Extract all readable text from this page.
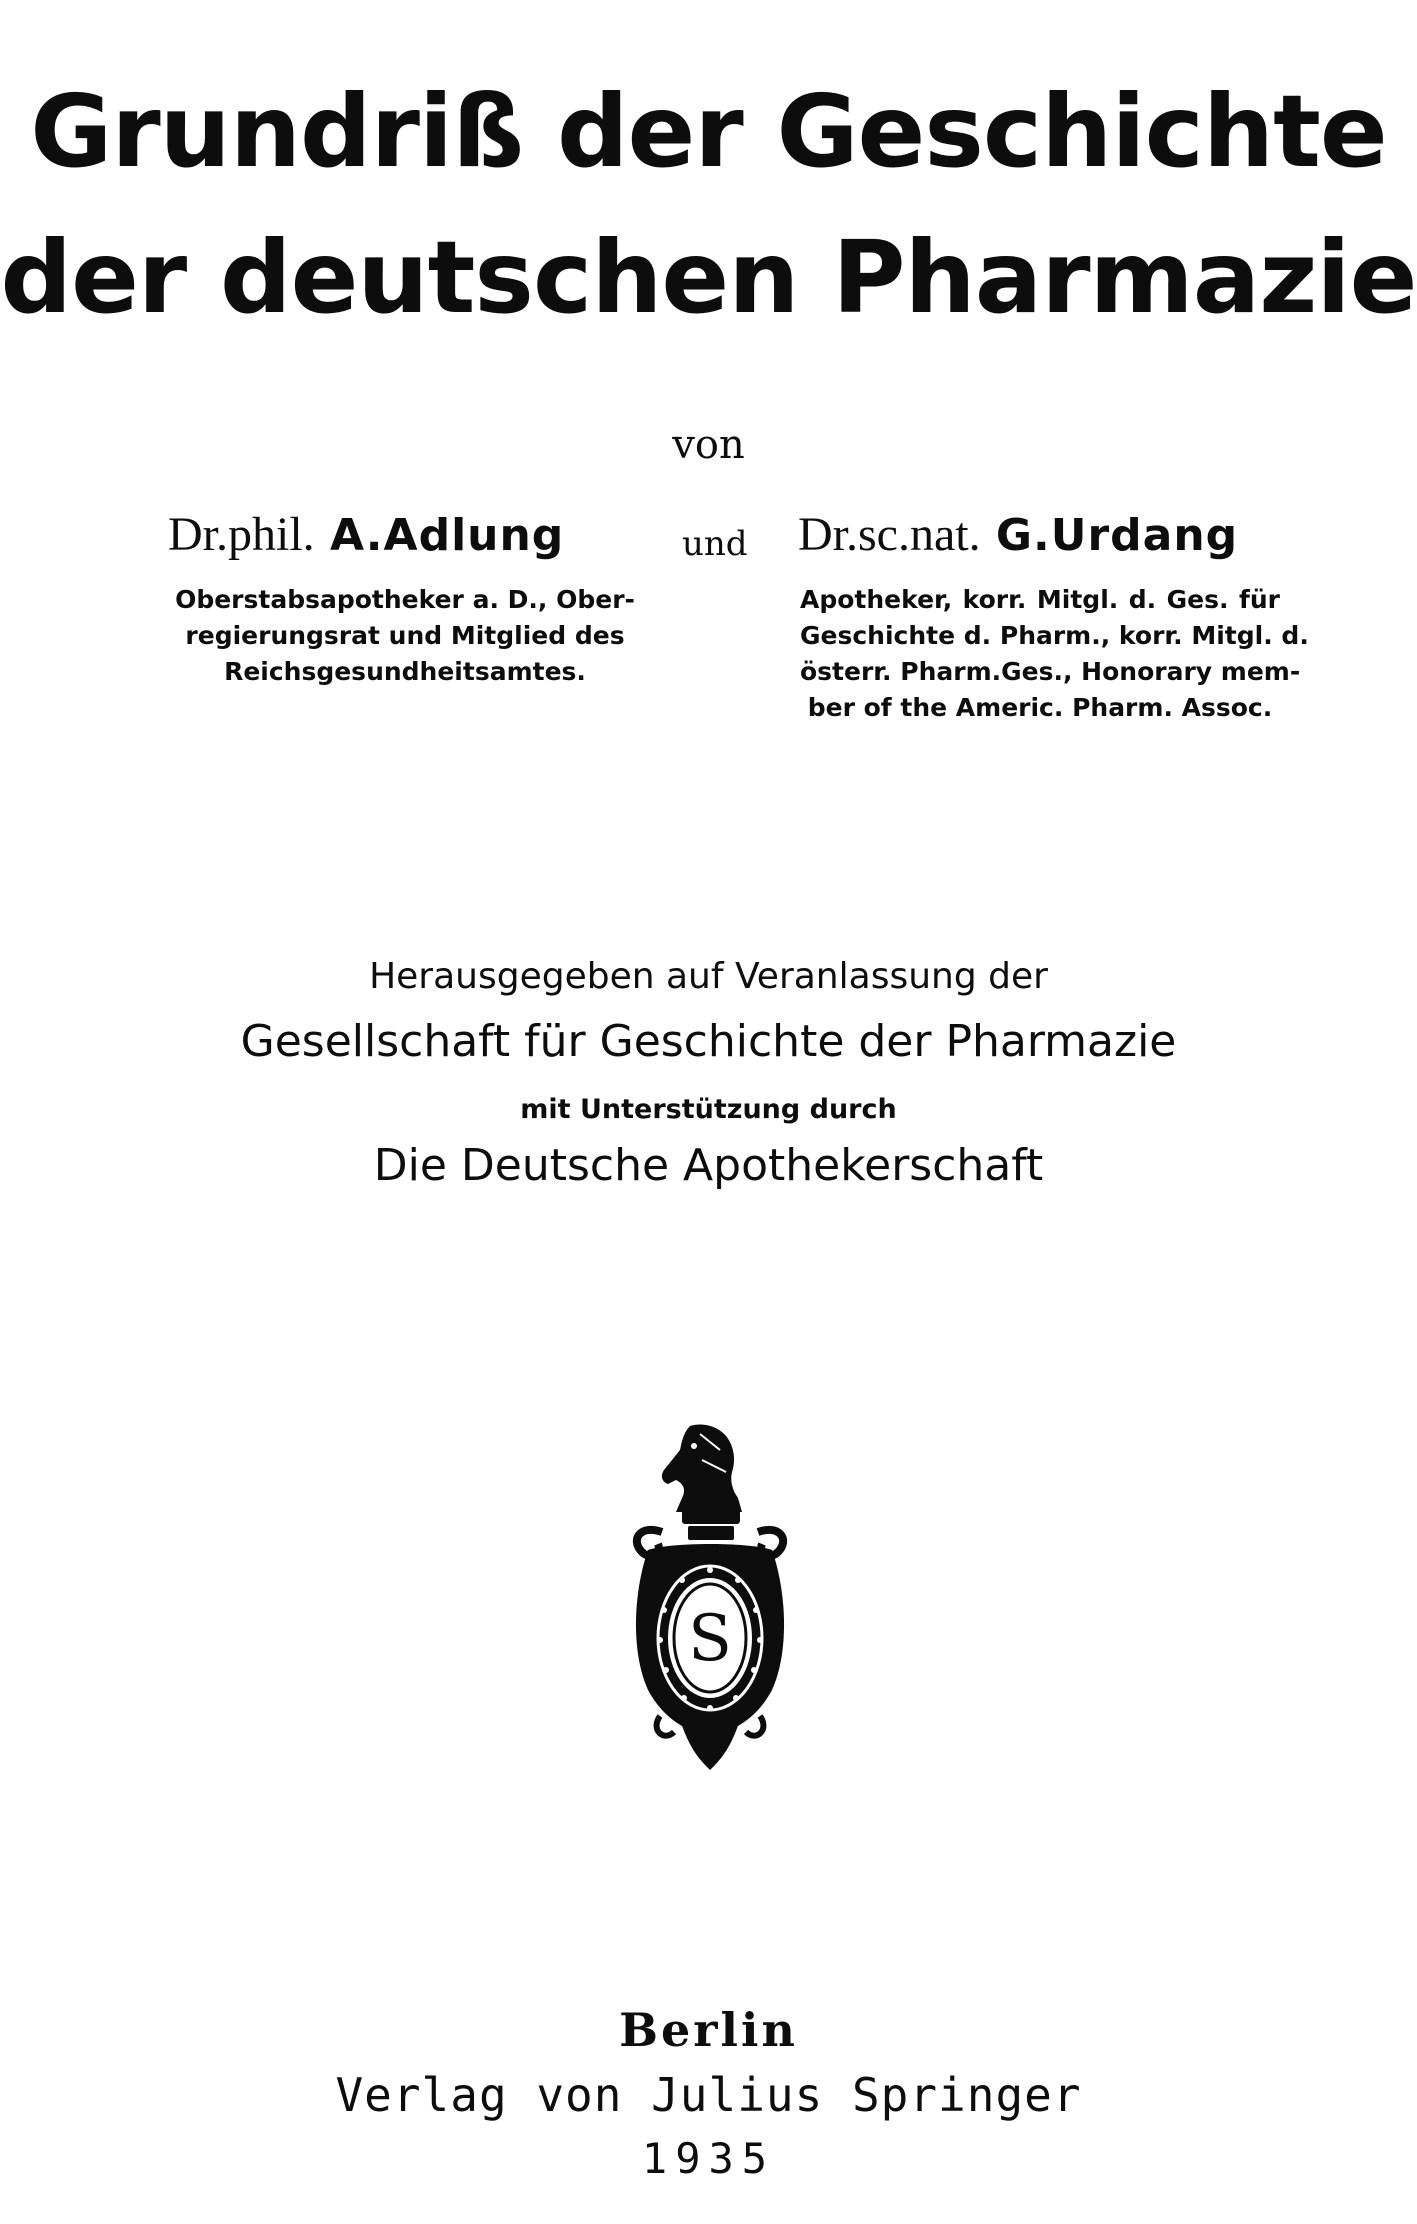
Grundriß der Geschichte
der deutschen Pharmazie
von
Dr.phil. A.Adlung	und Dr.sc.nat. G.Urdang
Oberstabsapotheker a. D., Ober-
regierungsrat und Mitglied des
Reichsgesundheitsamtes.
Apotheker, korr. Mitgl. d. Ges. für
Geschichte d. Pharm., korr. Mitgl. d.
österr. Pharm.Ges., Honorary mem-
ber of the Americ. Pharm. Assoc.
Herausgegeben auf Veranlassung der
Gesellschaft für Geschichte der Pharmazie
mit Unterstützung durch
Die Deutsche Apothekerschaft
S
Berlin
Verlag von Julius Springer
1935
